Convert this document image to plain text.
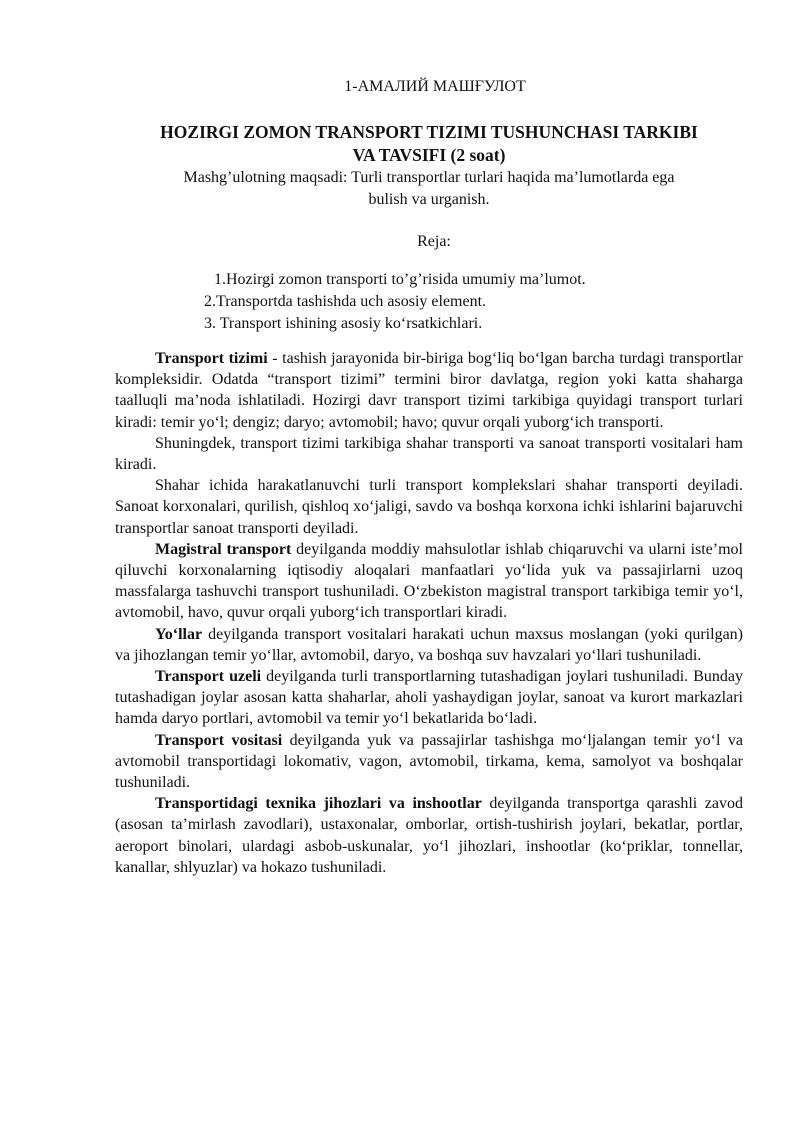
1-АМАЛИЙ МАШҒУЛОТ
HOZIRGI ZOMON TRANSPORT TIZIMI TUSHUNCHASI TARKIBI
VA TAVSIFI (2 soat)
Mashg’ulotning maqsadi: Turli transportlar turlari haqida ma’lumotlarda ega
bulish va urganish.
Reja:
1.Hozirgi zomon transporti to’g’risida umumiy ma’lumot.
2.Transportda tashishda uch asosiy element.
3. Transport ishining asosiy ko‘rsatkichlari.

Transport tizimi - tashish jarayonida bir-biriga bog‘liq bo‘lgan barcha turdagi transportlar kompleksidir. Odatda “transport tizimi” termini biror davlatga, region yoki katta shaharga taalluqli ma’noda ishlatiladi. Hozirgi davr transport tizimi tarkibiga quyidagi transport turlari kiradi: temir yo‘l; dengiz; daryo; avtomobil; havo; quvur orqali yuborg‘ich transporti.

Shuningdek, transport tizimi tarkibiga shahar transporti va sanoat transporti vositalari ham kiradi.

Shahar ichida harakatlanuvchi turli transport komplekslari shahar transporti deyiladi. Sanoat korxonalari, qurilish, qishloq xo‘jaligi, savdo va boshqa korxona ichki ishlarini bajaruvchi transportlar sanoat transporti deyiladi.

Magistral transport deyilganda moddiy mahsulotlar ishlab chiqaruvchi va ularni iste’mol qiluvchi korxonalarning iqtisodiy aloqalari manfaatlari yo‘lida yuk va passajirlarni uzoq massfalarga tashuvchi transport tushuniladi. O‘zbekiston magistral transport tarkibiga temir yo‘l, avtomobil, havo, quvur orqali yuborg‘ich transportlari kiradi.

Yo‘llar deyilganda transport vositalari harakati uchun maxsus moslangan (yoki qurilgan) va jihozlangan temir yo‘llar, avtomobil, daryo, va boshqa suv havzalari yo‘llari tushuniladi.

Transport uzeli deyilganda turli transportlarning tutashadigan joylari tushuniladi. Bunday tutashadigan joylar asosan katta shaharlar, aholi yashaydigan joylar, sanoat va kurort markazlari hamda daryo portlari, avtomobil va temir yo‘l bekatlarida bo‘ladi.

Transport vositasi deyilganda yuk va passajirlar tashishga mo‘ljalangan temir yo‘l va avtomobil transportidagi lokomativ, vagon, avtomobil, tirkama, kema, samolyot va boshqalar tushuniladi.

Transportidagi texnika jihozlari va inshootlar deyilganda transportga qarashli zavod (asosan ta’mirlash zavodlari), ustaxonalar, omborlar, ortish-tushirish joylari, bekatlar, portlar, aeroport binolari, ulardagi asbob-uskunalar, yo‘l jihozlari, inshootlar (ko‘priklar, tonnellar, kanallar, shlyuzlar) va hokazo tushuniladi.
